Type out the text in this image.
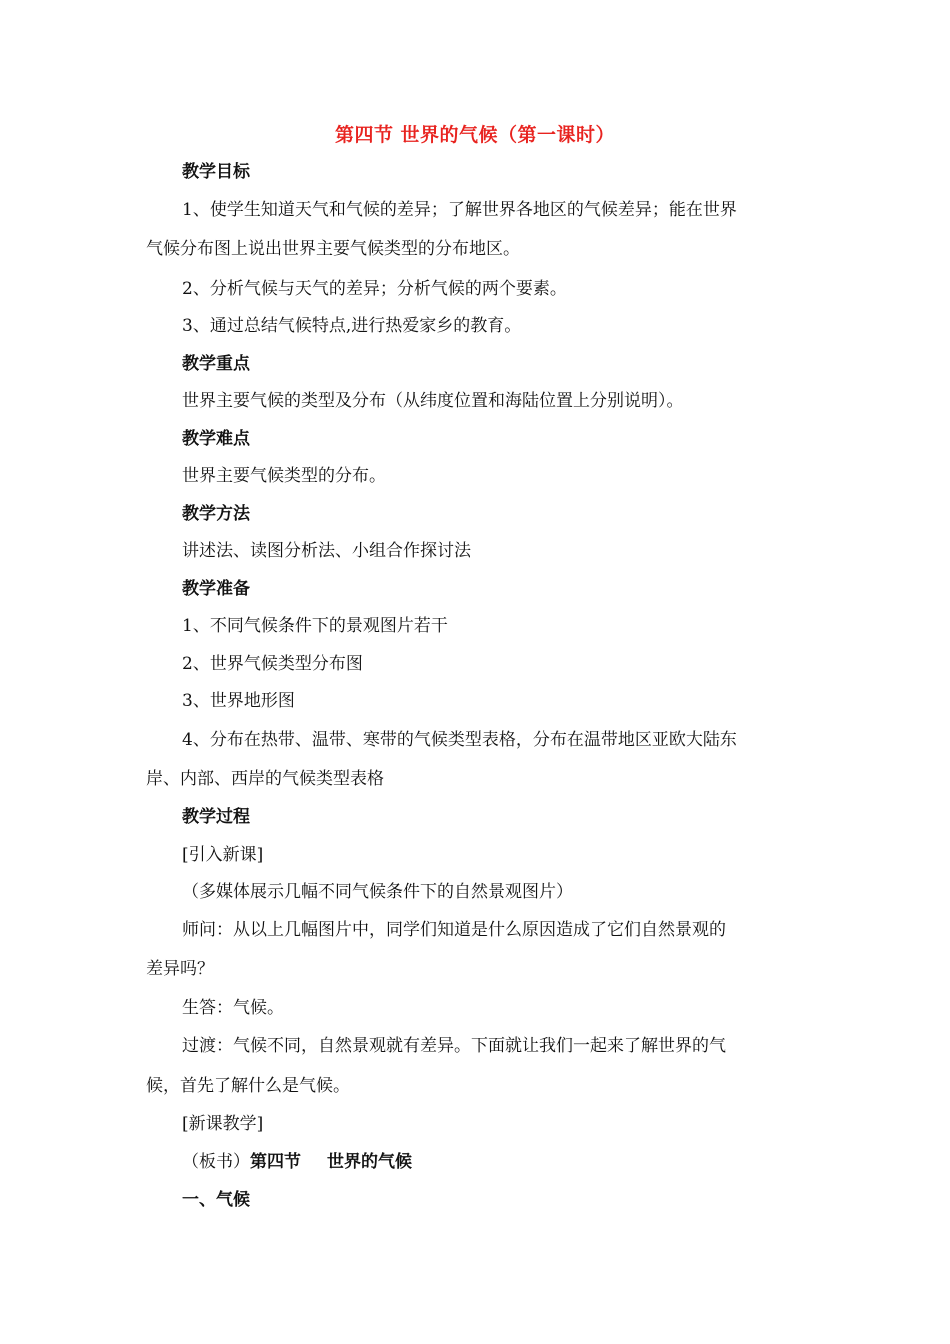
第四节 世界的气候（第一课时）
教学目标
1、使学生知道天气和气候的差异；了解世界各地区的气候差异；能在世界
气候分布图上说出世界主要气候类型的分布地区。
2、分析气候与天气的差异；分析气候的两个要素。
3、通过总结气候特点,进行热爱家乡的教育。
教学重点
世界主要气候的类型及分布（从纬度位置和海陆位置上分别说明）。
教学难点
世界主要气候类型的分布。
教学方法
讲述法、读图分析法、小组合作探讨法
教学准备
1、不同气候条件下的景观图片若干
2、世界气候类型分布图
3、世界地形图
4、分布在热带、温带、寒带的气候类型表格，分布在温带地区亚欧大陆东
岸、内部、西岸的气候类型表格
教学过程
[引入新课]
（多媒体展示几幅不同气候条件下的自然景观图片）
师问：从以上几幅图片中，同学们知道是什么原因造成了它们自然景观的
差异吗？
生答：气候。
过渡：气候不同，自然景观就有差异。下面就让我们一起来了解世界的气
候，首先了解什么是气候。
[新课教学]
（板书）第四节 世界的气候
一、气候
